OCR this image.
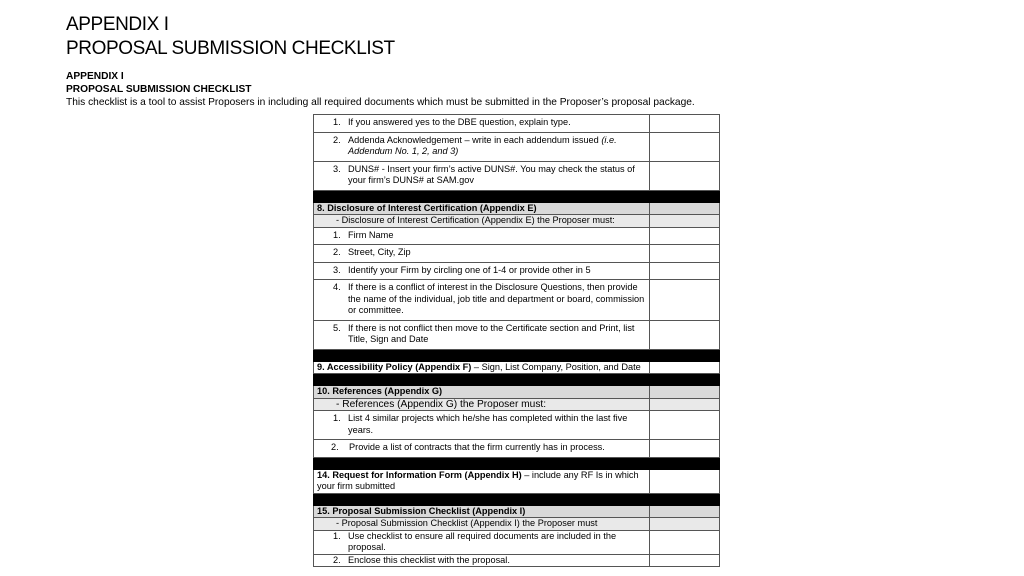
APPENDIX I
PROPOSAL SUBMISSION CHECKLIST
APPENDIX I
PROPOSAL SUBMISSION CHECKLIST
This checklist is a tool to assist Proposers in including all required documents which must be submitted in the Proposer’s proposal package.
1. If you answered yes to the DBE question, explain type.	

2. Addenda Acknowledgement – write in each addendum issued (i.e. Addendum No. 1, 2, and 3)	

3. DUNS# - Insert your firm’s active DUNS#. You may check the status of your firm’s DUNS# at SAM.gov	

8. Disclosure of Interest Certification (Appendix E)	
- Disclosure of Interest Certification (Appendix E) the Proposer must:	

1. Firm Name	

2. Street, City, Zip	

3. Identify your Firm by circling one of 1-4 or provide other in 5	

4. If there is a conflict of interest in the Disclosure Questions, then provide the name of the individual, job title and department or board, commission or committee.	

5. If there is not conflict then move to the Certificate section and Print, list Title, Sign and Date	

9. Accessibility Policy (Appendix F) – Sign, List Company, Position, and Date	

10. References (Appendix G)	
- References (Appendix G) the Proposer must:	

1. List 4 similar projects which he/she has completed within the last five years.	

2. Provide a list of contracts that the firm currently has in process.	

14. Request for Information Form (Appendix H) – include any RF Is in which your firm submitted	

15. Proposal Submission Checklist (Appendix I)	
- Proposal Submission Checklist (Appendix I) the Proposer must	

1. Use checklist to ensure all required documents are included in the proposal.	

2. Enclose this checklist with the proposal.	
